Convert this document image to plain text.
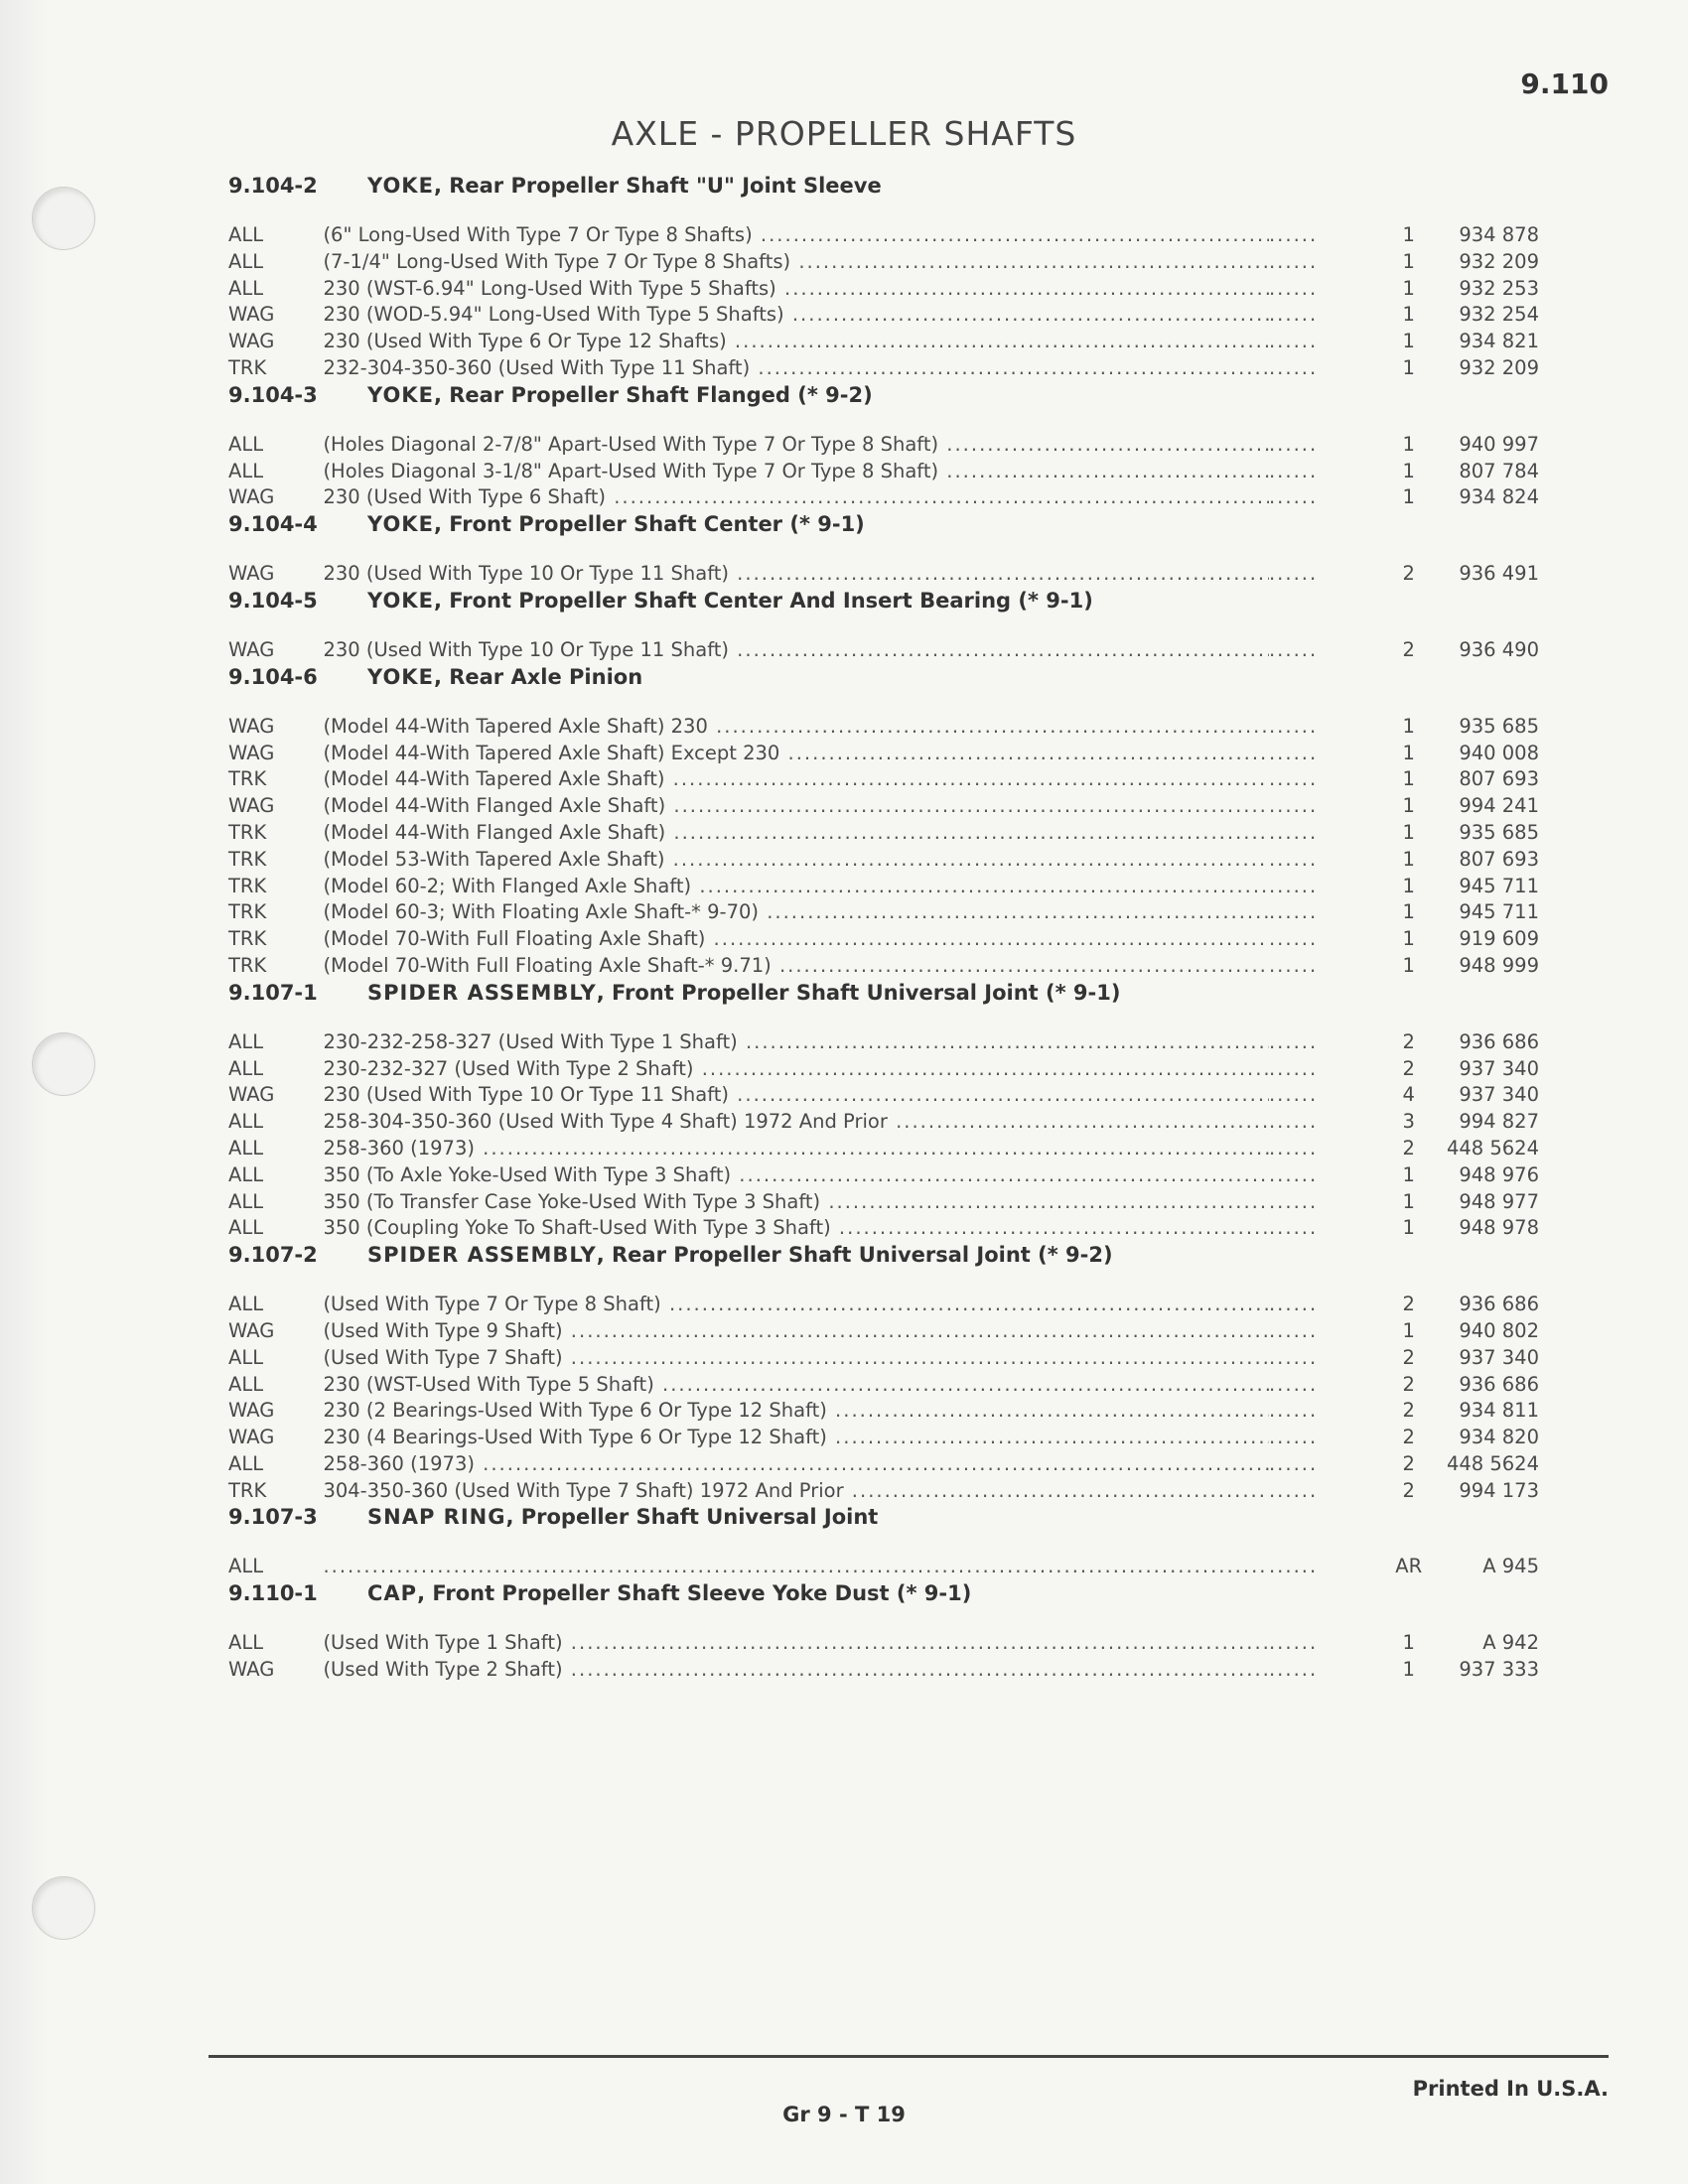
9.110
AXLE - PROPELLER SHAFTS
9.104-2	YOKE, Rear Propeller Shaft "U" Joint Sleeve
ALL	(6" Long-Used With Type 7 Or Type 8 Shafts) .....	......	1	934 878
ALL	(7-1/4" Long-Used With Type 7 Or Type 8 Shafts) .....	......	1	932 209
ALL	230 (WST-6.94" Long-Used With Type 5 Shafts) .....	......	1	932 253
WAG	230 (WOD-5.94" Long-Used With Type 5 Shafts) .....	......	1	932 254
WAG	230 (Used With Type 6 Or Type 12 Shafts) .....	......	1	934 821
TRK	232-304-350-360 (Used With Type 11 Shaft) .....	......	1	932 209
9.104-3	YOKE, Rear Propeller Shaft Flanged (* 9-2)
ALL	(Holes Diagonal 2-7/8" Apart-Used With Type 7 Or Type 8 Shaft) .....	......	1	940 997
ALL	(Holes Diagonal 3-1/8" Apart-Used With Type 7 Or Type 8 Shaft) .....	......	1	807 784
WAG	230 (Used With Type 6 Shaft) .....	......	1	934 824
9.104-4	YOKE, Front Propeller Shaft Center (* 9-1)
WAG	230 (Used With Type 10 Or Type 11 Shaft) .....	......	2	936 491
9.104-5	YOKE, Front Propeller Shaft Center And Insert Bearing (* 9-1)
WAG	230 (Used With Type 10 Or Type 11 Shaft) .....	......	2	936 490
9.104-6	YOKE, Rear Axle Pinion
WAG	(Model 44-With Tapered Axle Shaft) 230 .....	......	1	935 685
WAG	(Model 44-With Tapered Axle Shaft) Except 230 .....	......	1	940 008
TRK	(Model 44-With Tapered Axle Shaft) .....	......	1	807 693
WAG	(Model 44-With Flanged Axle Shaft) .....	......	1	994 241
TRK	(Model 44-With Flanged Axle Shaft) .....	......	1	935 685
TRK	(Model 53-With Tapered Axle Shaft) .....	......	1	807 693
TRK	(Model 60-2; With Flanged Axle Shaft) .....	......	1	945 711
TRK	(Model 60-3; With Floating Axle Shaft-* 9-70) .....	......	1	945 711
TRK	(Model 70-With Full Floating Axle Shaft) .....	......	1	919 609
TRK	(Model 70-With Full Floating Axle Shaft-* 9.71) .....	......	1	948 999
9.107-1	SPIDER ASSEMBLY, Front Propeller Shaft Universal Joint (* 9-1)
ALL	230-232-258-327 (Used With Type 1 Shaft) .....	......	2	936 686
ALL	230-232-327 (Used With Type 2 Shaft) .....	......	2	937 340
WAG	230 (Used With Type 10 Or Type 11 Shaft) .....	......	4	937 340
ALL	258-304-350-360 (Used With Type 4 Shaft) 1972 And Prior .....	......	3	994 827
ALL	258-360 (1973) .....	......	2	448 5624
ALL	350 (To Axle Yoke-Used With Type 3 Shaft) .....	......	1	948 976
ALL	350 (To Transfer Case Yoke-Used With Type 3 Shaft) .....	......	1	948 977
ALL	350 (Coupling Yoke To Shaft-Used With Type 3 Shaft) .....	......	1	948 978
9.107-2	SPIDER ASSEMBLY, Rear Propeller Shaft Universal Joint (* 9-2)
ALL	(Used With Type 7 Or Type 8 Shaft) .....	......	2	936 686
WAG	(Used With Type 9 Shaft) .....	......	1	940 802
ALL	(Used With Type 7 Shaft) .....	......	2	937 340
ALL	230 (WST-Used With Type 5 Shaft) .....	......	2	936 686
WAG	230 (2 Bearings-Used With Type 6 Or Type 12 Shaft) .....	......	2	934 811
WAG	230 (4 Bearings-Used With Type 6 Or Type 12 Shaft) .....	......	2	934 820
ALL	258-360 (1973) .....	......	2	448 5624
TRK	304-350-360 (Used With Type 7 Shaft) 1972 And Prior .....	......	2	994 173
9.107-3	SNAP RING, Propeller Shaft Universal Joint
ALL
.....	......	AR	A 945
9.110-1	CAP, Front Propeller Shaft Sleeve Yoke Dust (* 9-1)
ALL	(Used With Type 1 Shaft) .....	......	1	A 942
WAG	(Used With Type 2 Shaft) .....	......	1	937 333
Printed In U.S.A.
Gr 9 - T 19
